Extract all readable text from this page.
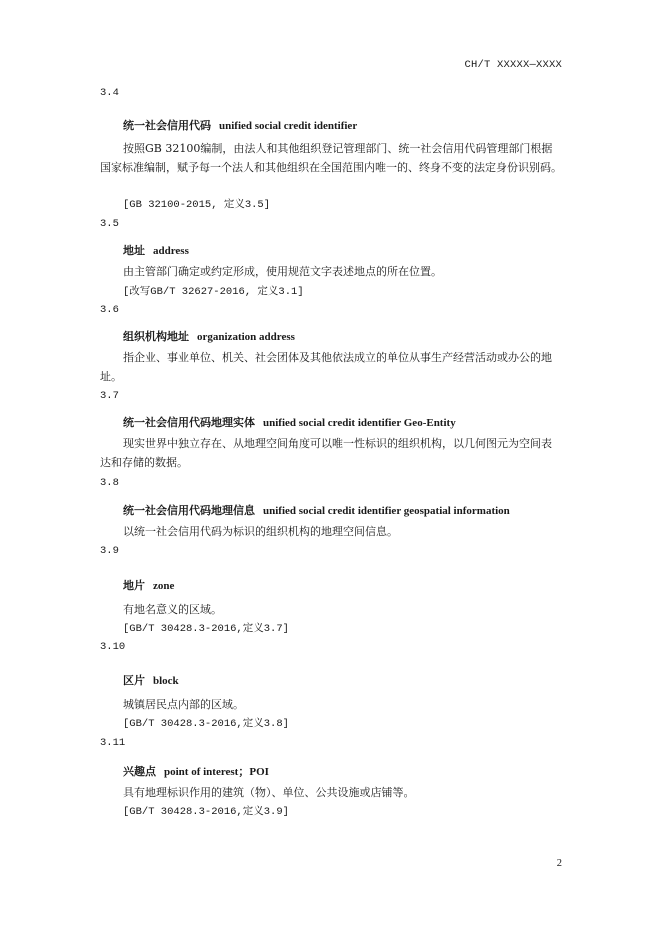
CH/T XXXXX—XXXX
3.4
统一社会信用代码 unified social credit identifier
按照GB 32100编制，由法人和其他组织登记管理部门、统一社会信用代码管理部门根据国家标准编制，赋予每一个法人和其他组织在全国范围内唯一的、终身不变的法定身份识别码。
[GB 32100-2015, 定义3.5]
3.5
地址 address
由主管部门确定或约定形成，使用规范文字表述地点的所在位置。
[改写GB/T 32627-2016, 定义3.1]
3.6
组织机构地址 organization address
指企业、事业单位、机关、社会团体及其他依法成立的单位从事生产经营活动或办公的地址。
3.7
统一社会信用代码地理实体 unified social credit identifier Geo-Entity
现实世界中独立存在、从地理空间角度可以唯一性标识的组织机构，以几何图元为空间表达和存储的数据。
3.8
统一社会信用代码地理信息 unified social credit identifier geospatial information
以统一社会信用代码为标识的组织机构的地理空间信息。
3.9
地片 zone
有地名意义的区域。
[GB/T 30428.3-2016,定义3.7]
3.10
区片 block
城镇居民点内部的区域。
[GB/T 30428.3-2016,定义3.8]
3.11
兴趣点 point of interest；POI
具有地理标识作用的建筑（物）、单位、公共设施或店铺等。
[GB/T 30428.3-2016,定义3.9]
2
